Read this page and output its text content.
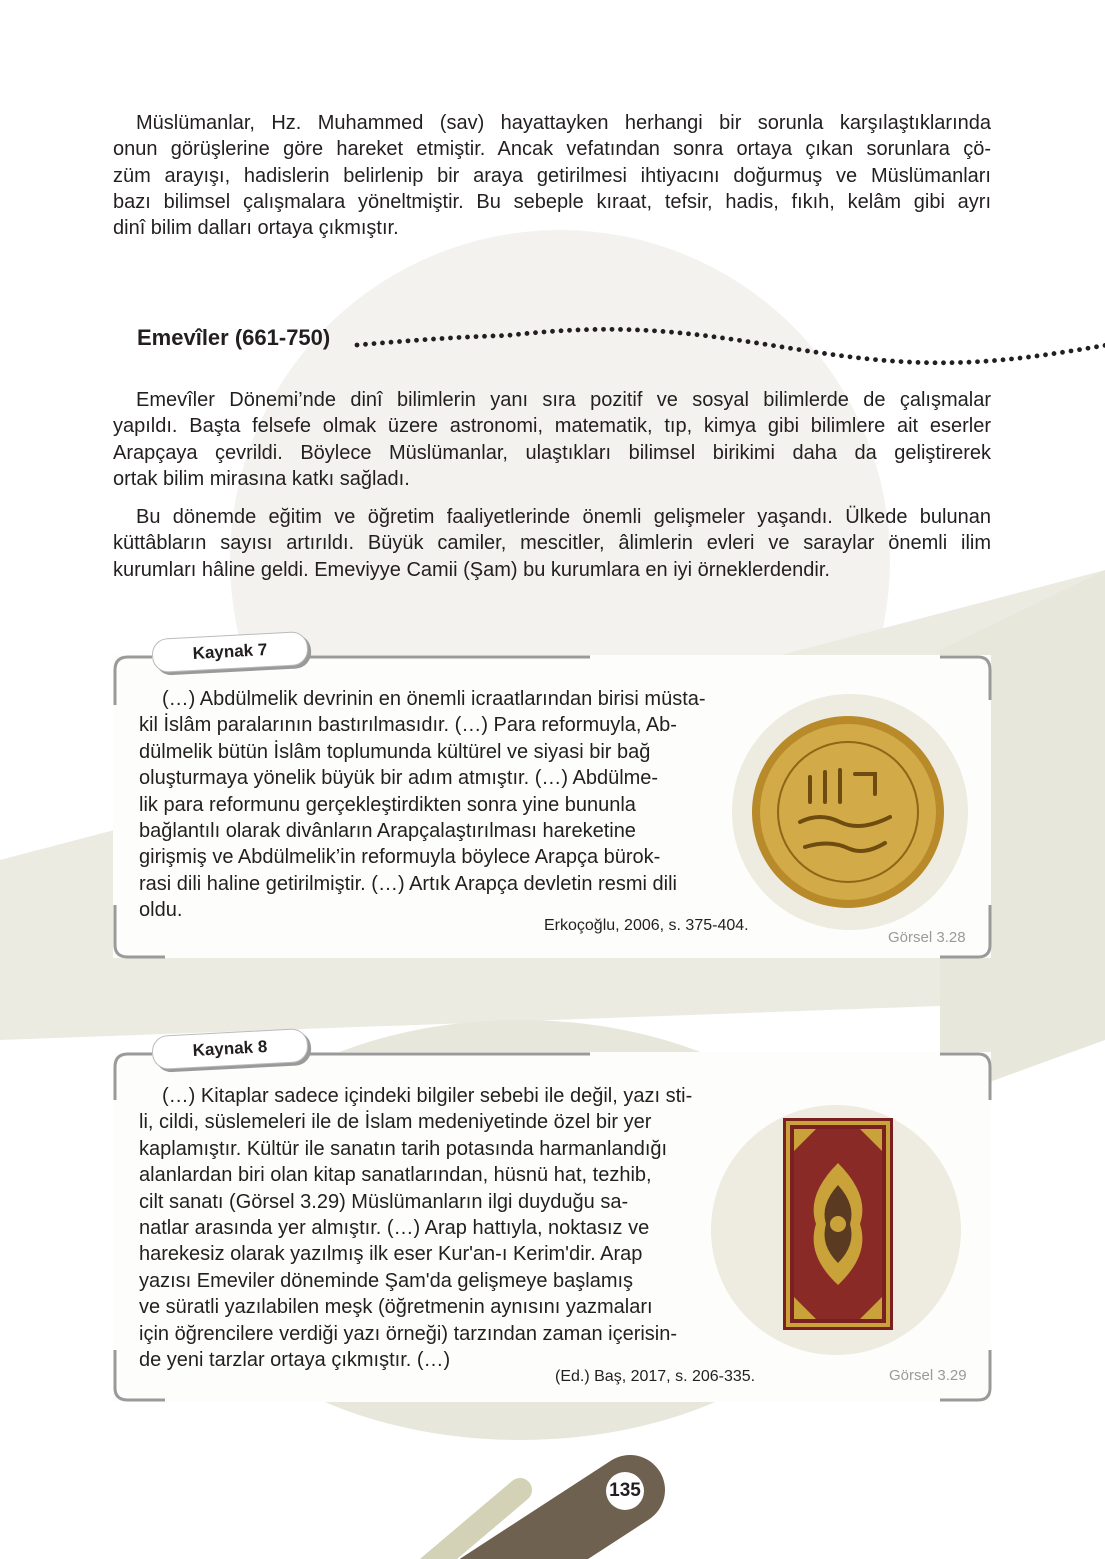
Müslümanlar, Hz. Muhammed (sav) hayattayken herhangi bir sorunla karşılaştıklarında
onun görüşlerine göre hareket etmiştir. Ancak vefatından sonra ortaya çıkan sorunlara çö-
züm arayışı, hadislerin belirlenip bir araya getirilmesi ihtiyacını doğurmuş ve Müslümanları
bazı bilimsel çalışmalara yöneltmiştir. Bu sebeple kıraat, tefsir, hadis, fıkıh, kelâm gibi ayrı
dinî bilim dalları ortaya çıkmıştır.
Emevîler (661-750)
Emevîler Dönemi’nde dinî bilimlerin yanı sıra pozitif ve sosyal bilimlerde de çalışmalar
yapıldı. Başta felsefe olmak üzere astronomi, matematik, tıp, kimya gibi bilimlere ait eserler
Arapçaya çevrildi. Böylece Müslümanlar, ulaştıkları bilimsel birikimi daha da geliştirerek
ortak bilim mirasına katkı sağladı.
Bu dönemde eğitim ve öğretim faaliyetlerinde önemli gelişmeler yaşandı. Ülkede bulunan
küttâbların sayısı artırıldı. Büyük camiler, mescitler, âlimlerin evleri ve saraylar önemli ilim
kurumları hâline geldi. Emeviyye Camii (Şam) bu kurumlara en iyi örneklerdendir.
Kaynak 7
(…) Abdülmelik devrinin en önemli icraatlarından birisi müsta-
kil İslâm paralarının bastırılmasıdır. (…) Para reformuyla, Ab-
dülmelik bütün İslâm toplumunda kültürel ve siyasi bir bağ
oluşturmaya yönelik büyük bir adım atmıştır. (…) Abdülme-
lik para reformunu gerçekleştirdikten sonra yine bununla
bağlantılı olarak divânların Arapçalaştırılması hareketine
girişmiş ve Abdülmelik’in reformuyla böylece Arapça bürok-
rasi dili haline getirilmiştir. (…) Artık Arapça devletin resmi dili
oldu.
Erkoçoğlu, 2006, s. 375-404.
Görsel 3.28
Kaynak 8
(…) Kitaplar sadece içindeki bilgiler sebebi ile değil, yazı sti-
li, cildi, süslemeleri ile de İslam medeniyetinde özel bir yer
kaplamıştır. Kültür ile sanatın tarih potasında harmanlandığı
alanlardan biri olan kitap sanatlarından, hüsnü hat, tezhib,
cilt sanatı (Görsel 3.29) Müslümanların ilgi duyduğu sa-
natlar arasında yer almıştır. (…) Arap hattıyla, noktasız ve
harekesiz olarak yazılmış ilk eser Kur'an-ı Kerim'dir. Arap
yazısı Emeviler döneminde Şam'da gelişmeye başlamış
ve süratli yazılabilen meşk (öğretmenin aynısını yazmaları
için öğrencilere verdiği yazı örneği) tarzından zaman içerisin-
de yeni tarzlar ortaya çıkmıştır. (…)
(Ed.) Baş, 2017, s. 206-335.	Görsel 3.29
135
